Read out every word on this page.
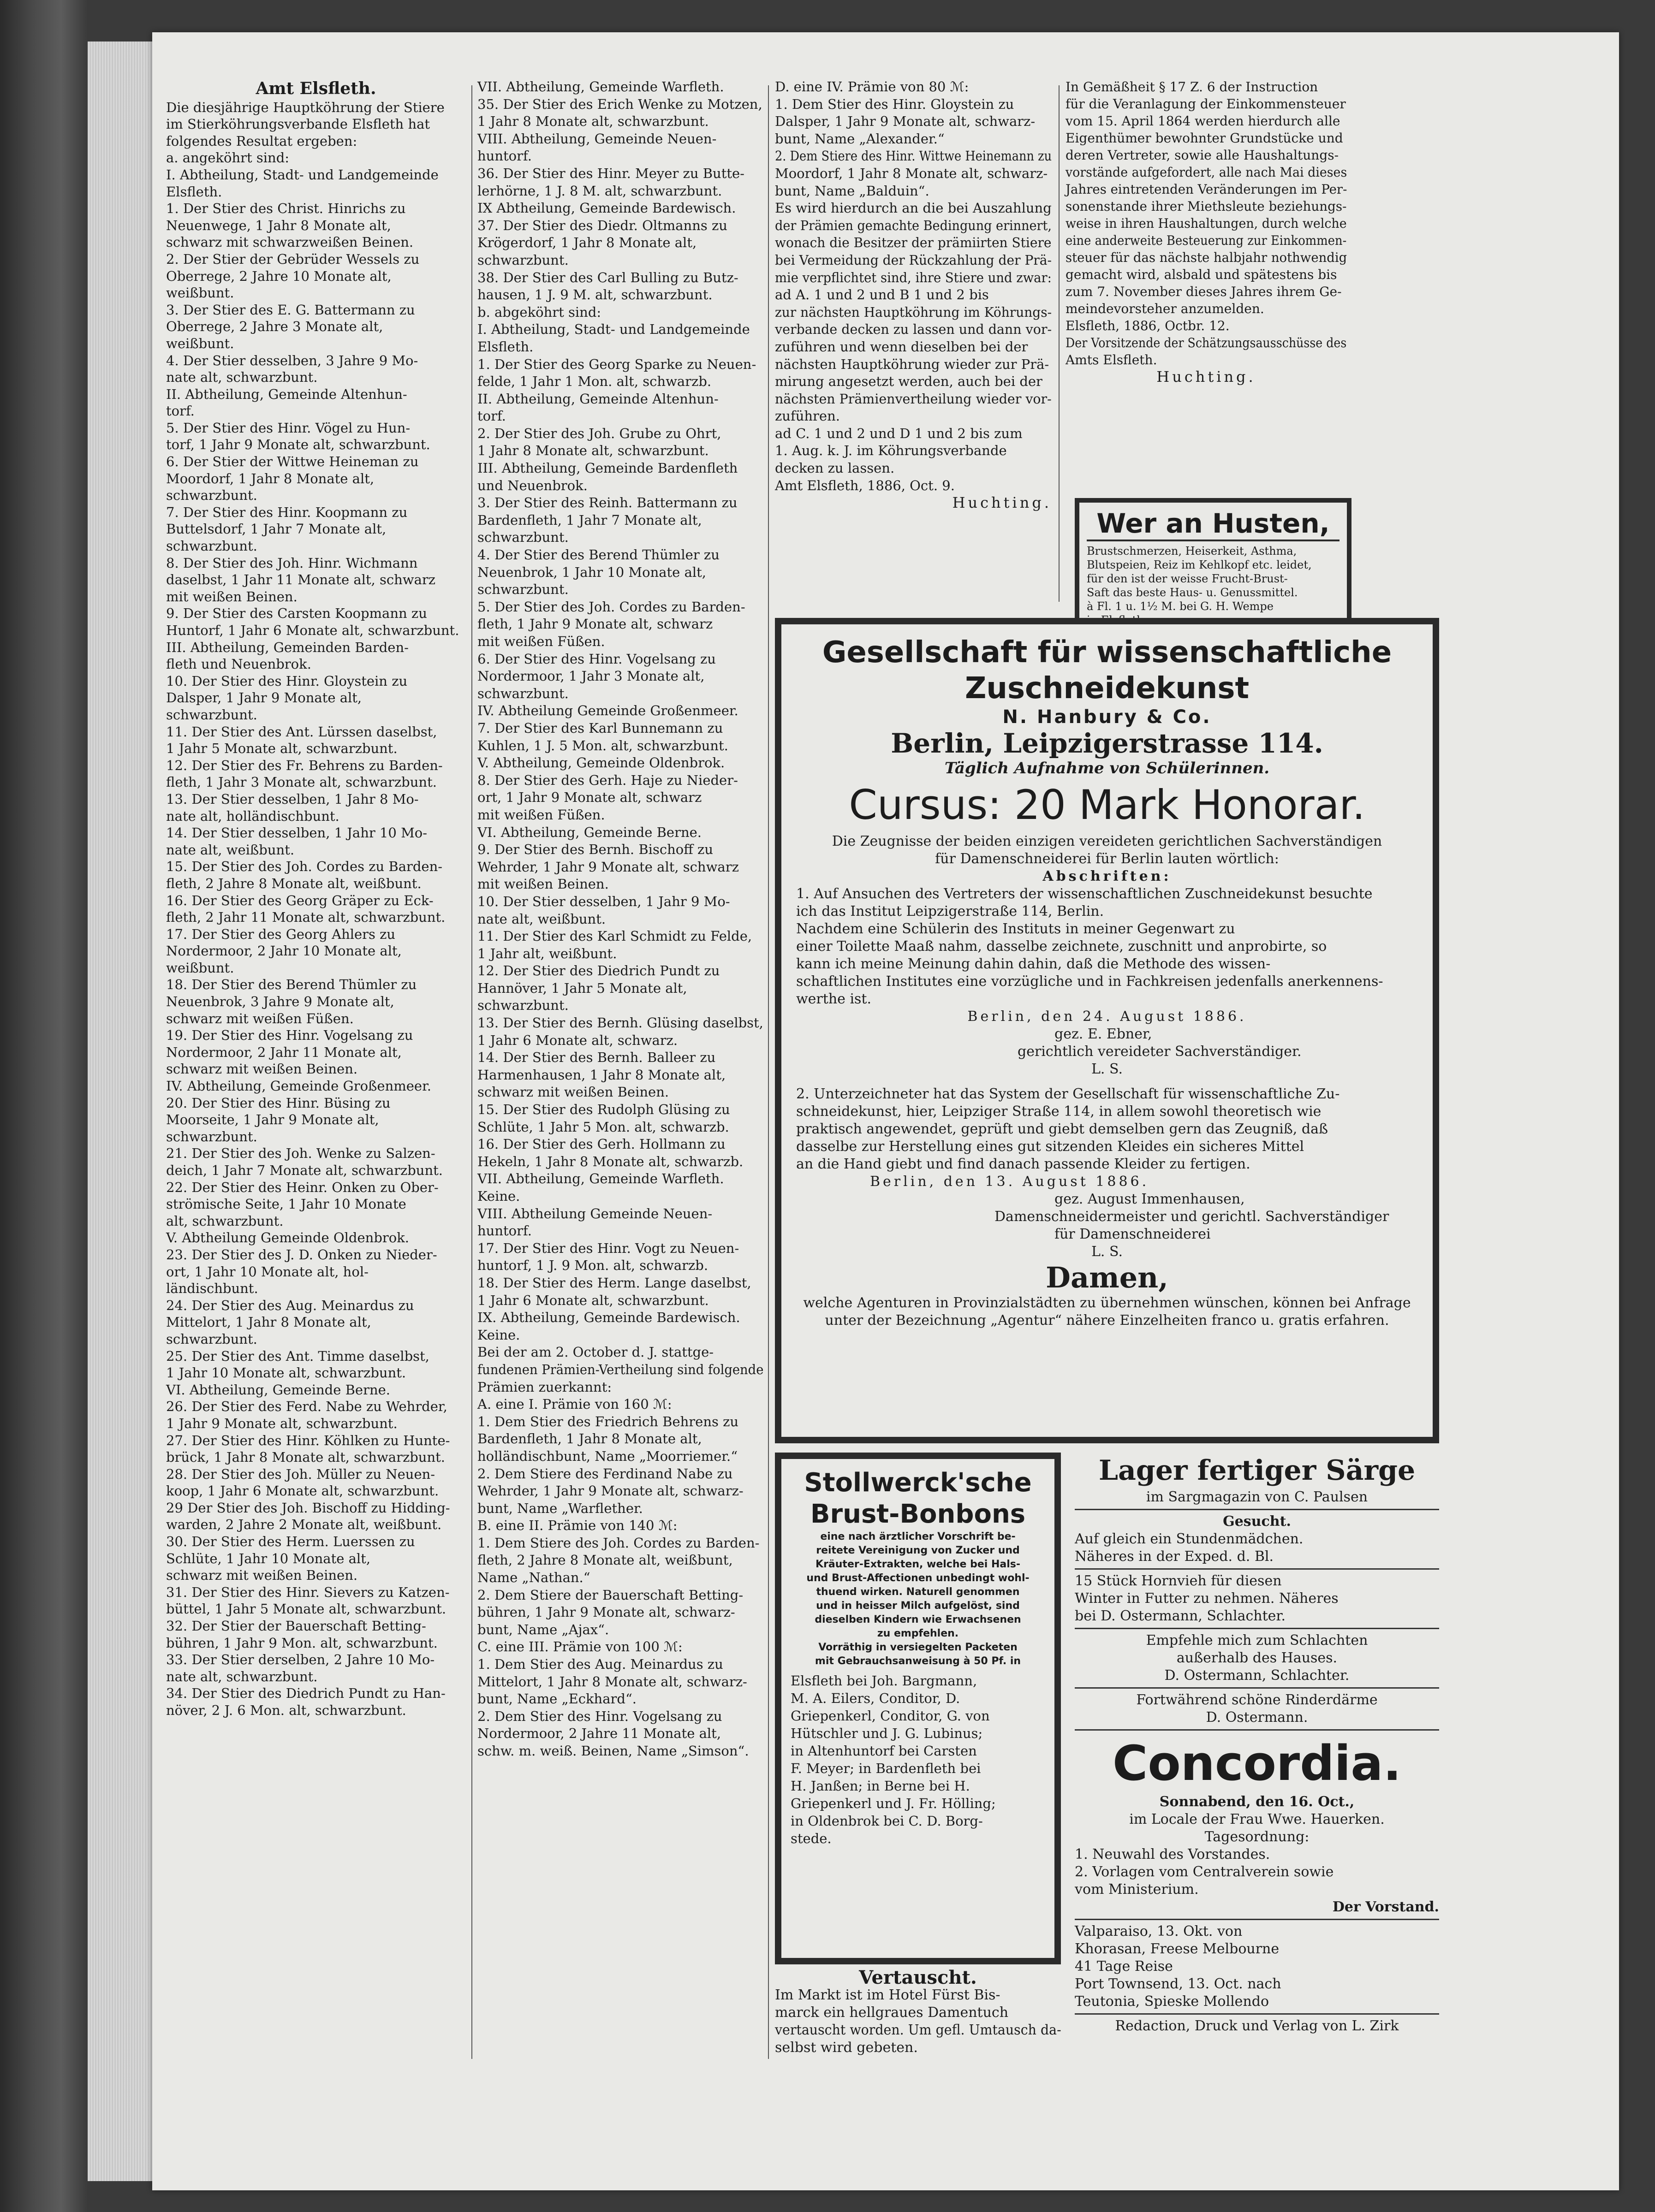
Amt Elsfleth.
Die diesjährige Hauptköhrung der Stiere
im Stierköhrungsverbande Elsfleth hat
folgendes Resultat ergeben:
a. angeköhrt sind:
I. Abtheilung, Stadt- und Landgemeinde
Elsfleth.
1. Der Stier des Christ. Hinrichs zu
Neuenwege, 1 Jahr 8 Monate alt,
schwarz mit schwarzweißen Beinen.
2. Der Stier der Gebrüder Wessels zu
Oberrege, 2 Jahre 10 Monate alt,
weißbunt.
3. Der Stier des E. G. Battermann zu
Oberrege, 2 Jahre 3 Monate alt,
weißbunt.
4. Der Stier desselben, 3 Jahre 9 Mo-
nate alt, schwarzbunt.
II. Abtheilung, Gemeinde Altenhun-
torf.
5. Der Stier des Hinr. Vögel zu Hun-
torf, 1 Jahr 9 Monate alt, schwarzbunt.
6. Der Stier der Wittwe Heineman zu
Moordorf, 1 Jahr 8 Monate alt,
schwarzbunt.
7. Der Stier des Hinr. Koopmann zu
Buttelsdorf, 1 Jahr 7 Monate alt,
schwarzbunt.
8. Der Stier des Joh. Hinr. Wichmann
daselbst, 1 Jahr 11 Monate alt, schwarz
mit weißen Beinen.
9. Der Stier des Carsten Koopmann zu
Huntorf, 1 Jahr 6 Monate alt, schwarzbunt.
III. Abtheilung, Gemeinden Barden-
fleth und Neuenbrok.
10. Der Stier des Hinr. Gloystein zu
Dalsper, 1 Jahr 9 Monate alt,
schwarzbunt.
11. Der Stier des Ant. Lürssen daselbst,
1 Jahr 5 Monate alt, schwarzbunt.
12. Der Stier des Fr. Behrens zu Barden-
fleth, 1 Jahr 3 Monate alt, schwarzbunt.
13. Der Stier desselben, 1 Jahr 8 Mo-
nate alt, holländischbunt.
14. Der Stier desselben, 1 Jahr 10 Mo-
nate alt, weißbunt.
15. Der Stier des Joh. Cordes zu Barden-
fleth, 2 Jahre 8 Monate alt, weißbunt.
16. Der Stier des Georg Gräper zu Eck-
fleth, 2 Jahr 11 Monate alt, schwarzbunt.
17. Der Stier des Georg Ahlers zu
Nordermoor, 2 Jahr 10 Monate alt,
weißbunt.
18. Der Stier des Berend Thümler zu
Neuenbrok, 3 Jahre 9 Monate alt,
schwarz mit weißen Füßen.
19. Der Stier des Hinr. Vogelsang zu
Nordermoor, 2 Jahr 11 Monate alt,
schwarz mit weißen Beinen.
IV. Abtheilung, Gemeinde Großenmeer.
20. Der Stier des Hinr. Büsing zu
Moorseite, 1 Jahr 9 Monate alt,
schwarzbunt.
21. Der Stier des Joh. Wenke zu Salzen-
deich, 1 Jahr 7 Monate alt, schwarzbunt.
22. Der Stier des Heinr. Onken zu Ober-
strömische Seite, 1 Jahr 10 Monate
alt, schwarzbunt.
V. Abtheilung Gemeinde Oldenbrok.
23. Der Stier des J. D. Onken zu Nieder-
ort, 1 Jahr 10 Monate alt, hol-
ländischbunt.
24. Der Stier des Aug. Meinardus zu
Mittelort, 1 Jahr 8 Monate alt,
schwarzbunt.
25. Der Stier des Ant. Timme daselbst,
1 Jahr 10 Monate alt, schwarzbunt.
VI. Abtheilung, Gemeinde Berne.
26. Der Stier des Ferd. Nabe zu Wehrder,
1 Jahr 9 Monate alt, schwarzbunt.
27. Der Stier des Hinr. Köhlken zu Hunte-
brück, 1 Jahr 8 Monate alt, schwarzbunt.
28. Der Stier des Joh. Müller zu Neuen-
koop, 1 Jahr 6 Monate alt, schwarzbunt.
29 Der Stier des Joh. Bischoff zu Hidding-
warden, 2 Jahre 2 Monate alt, weißbunt.
30. Der Stier des Herm. Luerssen zu
Schlüte, 1 Jahr 10 Monate alt,
schwarz mit weißen Beinen.
31. Der Stier des Hinr. Sievers zu Katzen-
büttel, 1 Jahr 5 Monate alt, schwarzbunt.
32. Der Stier der Bauerschaft Betting-
bühren, 1 Jahr 9 Mon. alt, schwarzbunt.
33. Der Stier derselben, 2 Jahre 10 Mo-
nate alt, schwarzbunt.
34. Der Stier des Diedrich Pundt zu Han-
növer, 2 J. 6 Mon. alt, schwarzbunt.
VII. Abtheilung, Gemeinde Warfleth.
35. Der Stier des Erich Wenke zu Motzen,
1 Jahr 8 Monate alt, schwarzbunt.
VIII. Abtheilung, Gemeinde Neuen-
huntorf.
36. Der Stier des Hinr. Meyer zu Butte-
lerhörne, 1 J. 8 M. alt, schwarzbunt.
IX Abtheilung, Gemeinde Bardewisch.
37. Der Stier des Diedr. Oltmanns zu
Krögerdorf, 1 Jahr 8 Monate alt,
schwarzbunt.
38. Der Stier des Carl Bulling zu Butz-
hausen, 1 J. 9 M. alt, schwarzbunt.
b. abgeköhrt sind:
I. Abtheilung, Stadt- und Landgemeinde
Elsfleth.
1. Der Stier des Georg Sparke zu Neuen-
felde, 1 Jahr 1 Mon. alt, schwarzb.
II. Abtheilung, Gemeinde Altenhun-
torf.
2. Der Stier des Joh. Grube zu Ohrt,
1 Jahr 8 Monate alt, schwarzbunt.
III. Abtheilung, Gemeinde Bardenfleth
und Neuenbrok.
3. Der Stier des Reinh. Battermann zu
Bardenfleth, 1 Jahr 7 Monate alt,
schwarzbunt.
4. Der Stier des Berend Thümler zu
Neuenbrok, 1 Jahr 10 Monate alt,
schwarzbunt.
5. Der Stier des Joh. Cordes zu Barden-
fleth, 1 Jahr 9 Monate alt, schwarz
mit weißen Füßen.
6. Der Stier des Hinr. Vogelsang zu
Nordermoor, 1 Jahr 3 Monate alt,
schwarzbunt.
IV. Abtheilung Gemeinde Großenmeer.
7. Der Stier des Karl Bunnemann zu
Kuhlen, 1 J. 5 Mon. alt, schwarzbunt.
V. Abtheilung, Gemeinde Oldenbrok.
8. Der Stier des Gerh. Haje zu Nieder-
ort, 1 Jahr 9 Monate alt, schwarz
mit weißen Füßen.
VI. Abtheilung, Gemeinde Berne.
9. Der Stier des Bernh. Bischoff zu
Wehrder, 1 Jahr 9 Monate alt, schwarz
mit weißen Beinen.
10. Der Stier desselben, 1 Jahr 9 Mo-
nate alt, weißbunt.
11. Der Stier des Karl Schmidt zu Felde,
1 Jahr alt, weißbunt.
12. Der Stier des Diedrich Pundt zu
Hannöver, 1 Jahr 5 Monate alt,
schwarzbunt.
13. Der Stier des Bernh. Glüsing daselbst,
1 Jahr 6 Monate alt, schwarz.
14. Der Stier des Bernh. Balleer zu
Harmenhausen, 1 Jahr 8 Monate alt,
schwarz mit weißen Beinen.
15. Der Stier des Rudolph Glüsing zu
Schlüte, 1 Jahr 5 Mon. alt, schwarzb.
16. Der Stier des Gerh. Hollmann zu
Hekeln, 1 Jahr 8 Monate alt, schwarzb.
VII. Abtheilung, Gemeinde Warfleth.
Keine.
VIII. Abtheilung Gemeinde Neuen-
huntorf.
17. Der Stier des Hinr. Vogt zu Neuen-
huntorf, 1 J. 9 Mon. alt, schwarzb.
18. Der Stier des Herm. Lange daselbst,
1 Jahr 6 Monate alt, schwarzbunt.
IX. Abtheilung, Gemeinde Bardewisch.
Keine.
Bei der am 2. October d. J. stattge-
fundenen Prämien-Vertheilung sind folgende
Prämien zuerkannt:
A. eine I. Prämie von 160 ℳ:
1. Dem Stier des Friedrich Behrens zu
Bardenfleth, 1 Jahr 8 Monate alt,
holländischbunt, Name „Moorriemer.“
2. Dem Stiere des Ferdinand Nabe zu
Wehrder, 1 Jahr 9 Monate alt, schwarz-
bunt, Name „Warflether.
B. eine II. Prämie von 140 ℳ:
1. Dem Stiere des Joh. Cordes zu Barden-
fleth, 2 Jahre 8 Monate alt, weißbunt,
Name „Nathan.“
2. Dem Stiere der Bauerschaft Betting-
bühren, 1 Jahr 9 Monate alt, schwarz-
bunt, Name „Ajax“.
C. eine III. Prämie von 100 ℳ:
1. Dem Stier des Aug. Meinardus zu
Mittelort, 1 Jahr 8 Monate alt, schwarz-
bunt, Name „Eckhard“.
2. Dem Stier des Hinr. Vogelsang zu
Nordermoor, 2 Jahre 11 Monate alt,
schw. m. weiß. Beinen, Name „Simson“.
D. eine IV. Prämie von 80 ℳ:
1. Dem Stier des Hinr. Gloystein zu
Dalsper, 1 Jahr 9 Monate alt, schwarz-
bunt, Name „Alexander.“
2. Dem Stiere des Hinr. Wittwe Heinemann zu
Moordorf, 1 Jahr 8 Monate alt, schwarz-
bunt, Name „Balduin“.
Es wird hierdurch an die bei Auszahlung
der Prämien gemachte Bedingung erinnert,
wonach die Besitzer der prämiirten Stiere
bei Vermeidung der Rückzahlung der Prä-
mie verpflichtet sind, ihre Stiere und zwar:
ad A. 1 und 2 und B 1 und 2 bis
zur nächsten Hauptköhrung im Köhrungs-
verbande decken zu lassen und dann vor-
zuführen und wenn dieselben bei der
nächsten Hauptköhrung wieder zur Prä-
mirung angesetzt werden, auch bei der
nächsten Prämienvertheilung wieder vor-
zuführen.
ad C. 1 und 2 und D 1 und 2 bis zum
1. Aug. k. J. im Köhrungsverbande
decken zu lassen.
Amt Elsfleth, 1886, Oct. 9.
Huchting.
In Gemäßheit § 17 Z. 6 der Instruction
für die Veranlagung der Einkommensteuer
vom 15. April 1864 werden hierdurch alle
Eigenthümer bewohnter Grundstücke und
deren Vertreter, sowie alle Haushaltungs-
vorstände aufgefordert, alle nach Mai dieses
Jahres eintretenden Veränderungen im Per-
sonenstande ihrer Miethsleute beziehungs-
weise in ihren Haushaltungen, durch welche
eine anderweite Besteuerung zur Einkommen-
steuer für das nächste halbjahr nothwendig
gemacht wird, alsbald und spätestens bis
zum 7. November dieses Jahres ihrem Ge-
meindevorsteher anzumelden.
Elsfleth, 1886, Octbr. 12.
Der Vorsitzende der Schätzungsausschüsse des
Amts Elsfleth.
Huchting.
Wer an Husten,
Brustschmerzen, Heiserkeit, Asthma,
Blutspeien, Reiz im Kehlkopf etc. leidet,
für den ist der weisse Frucht-Brust-
Saft das beste Haus- u. Genussmittel.
à Fl. 1 u. 1½ M. bei G. H. Wempe
Gesellschaft für wissenschaftliche
Zuschneidekunst
N. Hanbury & Co.
Berlin, Leipzigerstrasse 114.
Täglich Aufnahme von Schülerinnen.
Cursus: 20 Mark Honorar.
Die Zeugnisse der beiden einzigen vereideten gerichtlichen Sachverständigen
für Damenschneiderei für Berlin lauten wörtlich:
Abschriften:
1. Auf Ansuchen des Vertreters der wissenschaftlichen Zuschneidekunst besuchte
ich das Institut Leipzigerstraße 114, Berlin.
Nachdem eine Schülerin des Instituts in meiner Gegenwart zu
einer Toilette Maaß nahm, dasselbe zeichnete, zuschnitt und anprobirte, so
kann ich meine Meinung dahin dahin, daß die Methode des wissen-
schaftlichen Institutes eine vorzügliche und in Fachkreisen jedenfalls anerkennens-
werthe ist.
Berlin, den 24. August 1886.
gez. E. Ebner,
gerichtlich vereideter Sachverständiger.
L. S.
2. Unterzeichneter hat das System der Gesellschaft für wissenschaftliche Zu-
schneidekunst, hier, Leipziger Straße 114, in allem sowohl theoretisch wie
praktisch angewendet, geprüft und giebt demselben gern das Zeugniß, daß
dasselbe zur Herstellung eines gut sitzenden Kleides ein sicheres Mittel
an die Hand giebt und find danach passende Kleider zu fertigen.
Berlin, den 13. August 1886.
gez. August Immenhausen,
Damenschneidermeister und gerichtl. Sachverständiger
für Damenschneiderei
L. S.
Damen,
welche Agenturen in Provinzialstädten zu übernehmen wünschen, können bei Anfrage
unter der Bezeichnung „Agentur“ nähere Einzelheiten franco u. gratis erfahren.
Stollwerck'sche
Brust-Bonbons
eine nach ärztlicher Vorschrift be-
reitete Vereinigung von Zucker und
Kräuter-Extrakten, welche bei Hals-
und Brust-Affectionen unbedingt wohl-
thuend wirken. Naturell genommen
und in heisser Milch aufgelöst, sind
dieselben Kindern wie Erwachsenen
zu empfehlen.
Vorräthig in versiegelten Packeten
mit Gebrauchsanweisung à 50 Pf. in
Elsfleth bei Joh. Bargmann,
M. A. Eilers, Conditor, D.
Griepenkerl, Conditor, G. von
Hütschler und J. G. Lubinus;
in Altenhuntorf bei Carsten
F. Meyer; in Bardenfleth bei
H. Janßen; in Berne bei H.
Griepenkerl und J. Fr. Hölling;
in Oldenbrok bei C. D. Borg-
stede.
Vertauscht.
Im Markt ist im Hotel Fürst Bis-
marck ein hellgraues Damentuch
vertauscht worden. Um gefl. Umtausch da-
selbst wird gebeten.
Lager fertiger Särge
im Sargmagazin von C. Paulsen
Gesucht.
Auf gleich ein Stundenmädchen.
Näheres in der Exped. d. Bl.
15 Stück Hornvieh für diesen
Winter in Futter zu nehmen. Näheres
bei D. Ostermann, Schlachter.
Empfehle mich zum Schlachten
außerhalb des Hauses.
D. Ostermann, Schlachter.
Fortwährend schöne Rinderdärme
D. Ostermann.
Concordia.
Sonnabend, den 16. Oct.,
im Locale der Frau Wwe. Hauerken.
Tagesordnung:
1. Neuwahl des Vorstandes.
2. Vorlagen vom Centralverein sowie
vom Ministerium.
Der Vorstand.
Valparaiso, 13. Okt. von
Khorasan, Freese Melbourne
41 Tage Reise
Port Townsend, 13. Oct. nach
Teutonia, Spieske Mollendo
Redaction, Druck und Verlag von L. Zirk
